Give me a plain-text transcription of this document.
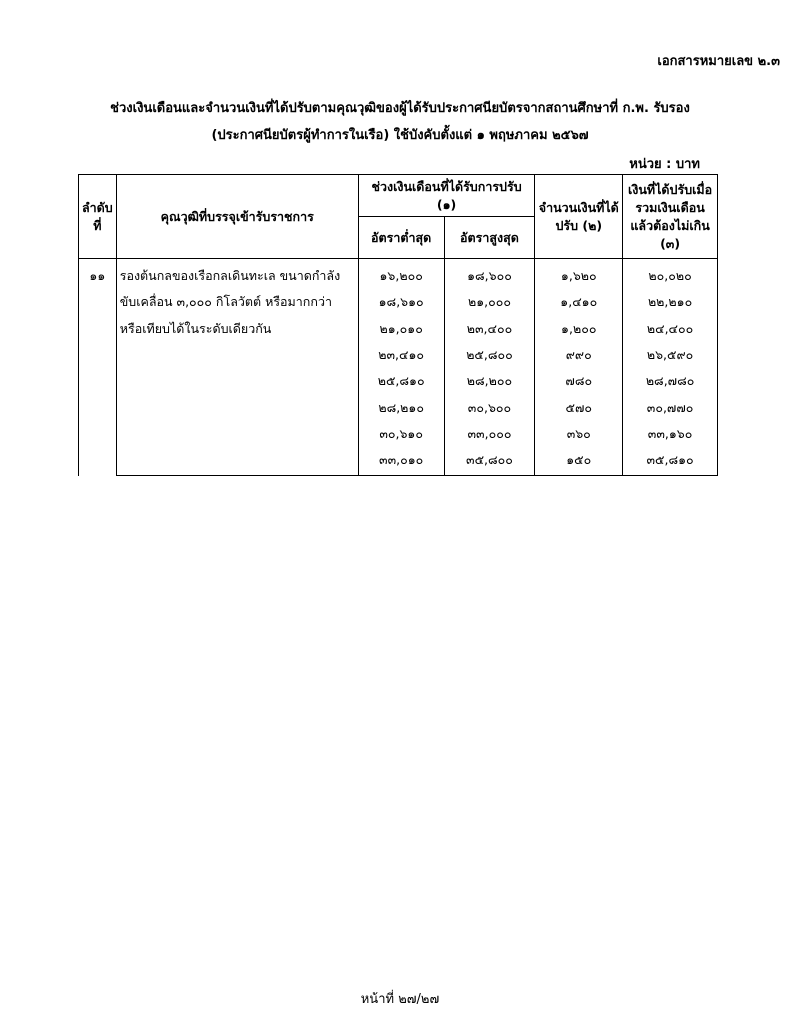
เอกสารหมายเลข ๒.๓
ช่วงเงินเดือนและจำนวนเงินที่ได้ปรับตามคุณวุฒิของผู้ได้รับประกาศนียบัตรจากสถานศึกษาที่ ก.พ. รับรอง
(ประกาศนียบัตรผู้ทำการในเรือ) ใช้บังคับตั้งแต่ ๑ พฤษภาคม ๒๕๖๗
หน่วย : บาท
ลำดับที่	คุณวุฒิที่บรรจุเข้ารับราชการ	ช่วงเงินเดือนที่ได้รับการปรับ (๑)		จำนวนเงินที่ได้ปรับ (๒)	เงินที่ได้ปรับเมื่อรวมเงินเดือนแล้วต้องไม่เกิน (๓)
		อัตราต่ำสุด	อัตราสูงสุด		
๑๑	รองต้นกลของเรือกลเดินทะเล ขนาดกำลัง	๑๖,๒๐๐	๑๘,๖๐๐	๑,๖๒๐	๒๐,๐๒๐
	ขับเคลื่อน ๓,๐๐๐ กิโลวัตต์ หรือมากกว่า	๑๘,๖๑๐	๒๑,๐๐๐	๑,๔๑๐	๒๒,๒๑๐
	หรือเทียบได้ในระดับเดียวกัน	๒๑,๐๑๐	๒๓,๔๐๐	๑,๒๐๐	๒๔,๔๐๐
		๒๓,๔๑๐	๒๕,๘๐๐	๙๙๐	๒๖,๕๙๐
		๒๕,๘๑๐	๒๘,๒๐๐	๗๘๐	๒๘,๗๘๐
		๒๘,๒๑๐	๓๐,๖๐๐	๕๗๐	๓๐,๗๗๐
		๓๐,๖๑๐	๓๓,๐๐๐	๓๖๐	๓๓,๑๖๐
		๓๓,๐๑๐	๓๕,๘๐๐	๑๕๐	๓๕,๘๑๐
หน้าที่ ๒๗/๒๗
